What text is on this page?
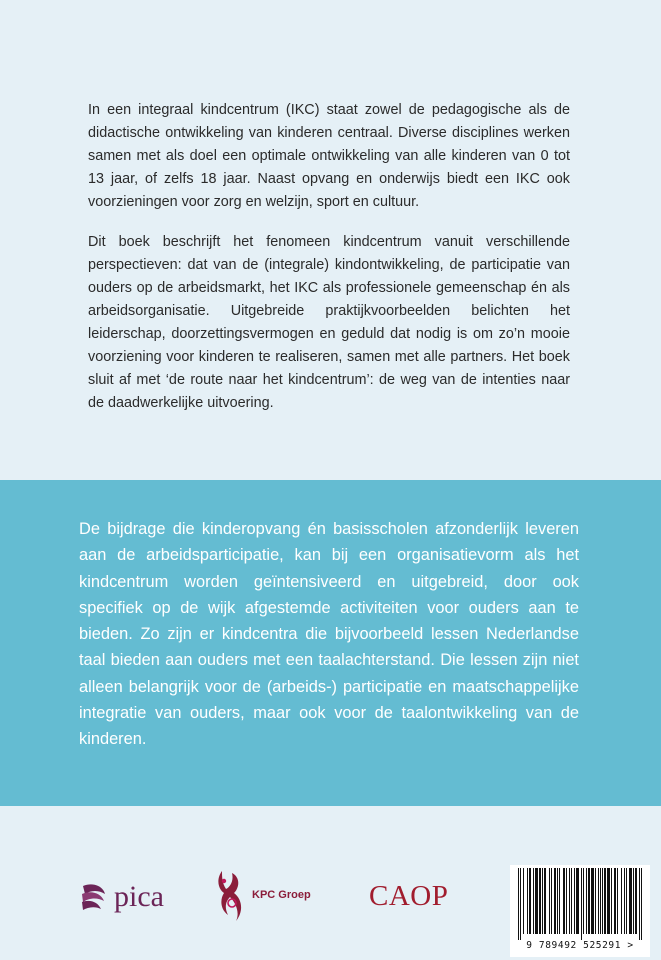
In een integraal kindcentrum (IKC) staat zowel de pedagogische als de didactische ontwikkeling van kinderen centraal. Diverse disciplines werken samen met als doel een optimale ontwikkeling van alle kinderen van 0 tot 13 jaar, of zelfs 18 jaar. Naast opvang en onderwijs biedt een IKC ook voorzieningen voor zorg en welzijn, sport en cultuur.

Dit boek beschrijft het fenomeen kindcentrum vanuit verschillende perspectieven: dat van de (integrale) kindontwikkeling, de participatie van ouders op de arbeidsmarkt, het IKC als professionele gemeenschap én als arbeidsorganisatie. Uitgebreide praktijkvoorbeelden belichten het leiderschap, doorzettingsvermogen en geduld dat nodig is om zo’n mooie voorziening voor kinderen te realiseren, samen met alle partners. Het boek sluit af met ‘de route naar het kindcentrum’: de weg van de intenties naar de daadwerkelijke uitvoering.

De bijdrage die kinderopvang én basisscholen afzonderlijk leveren aan de arbeidsparticipatie, kan bij een organisatievorm als het kindcentrum worden geïntensiveerd en uitgebreid, door ook specifiek op de wijk afgestemde activiteiten voor ouders aan te bieden. Zo zijn er kindcentra die bijvoorbeeld lessen Nederlandse taal bieden aan ouders met een taalachterstand. Die lessen zijn niet alleen belangrijk voor de (arbeids-) participatie en maatschappelijke integratie van ouders, maar ook voor de taalontwikkeling van de kinderen.

pica	KPC Groep CAOP
9 789492 525291 >
